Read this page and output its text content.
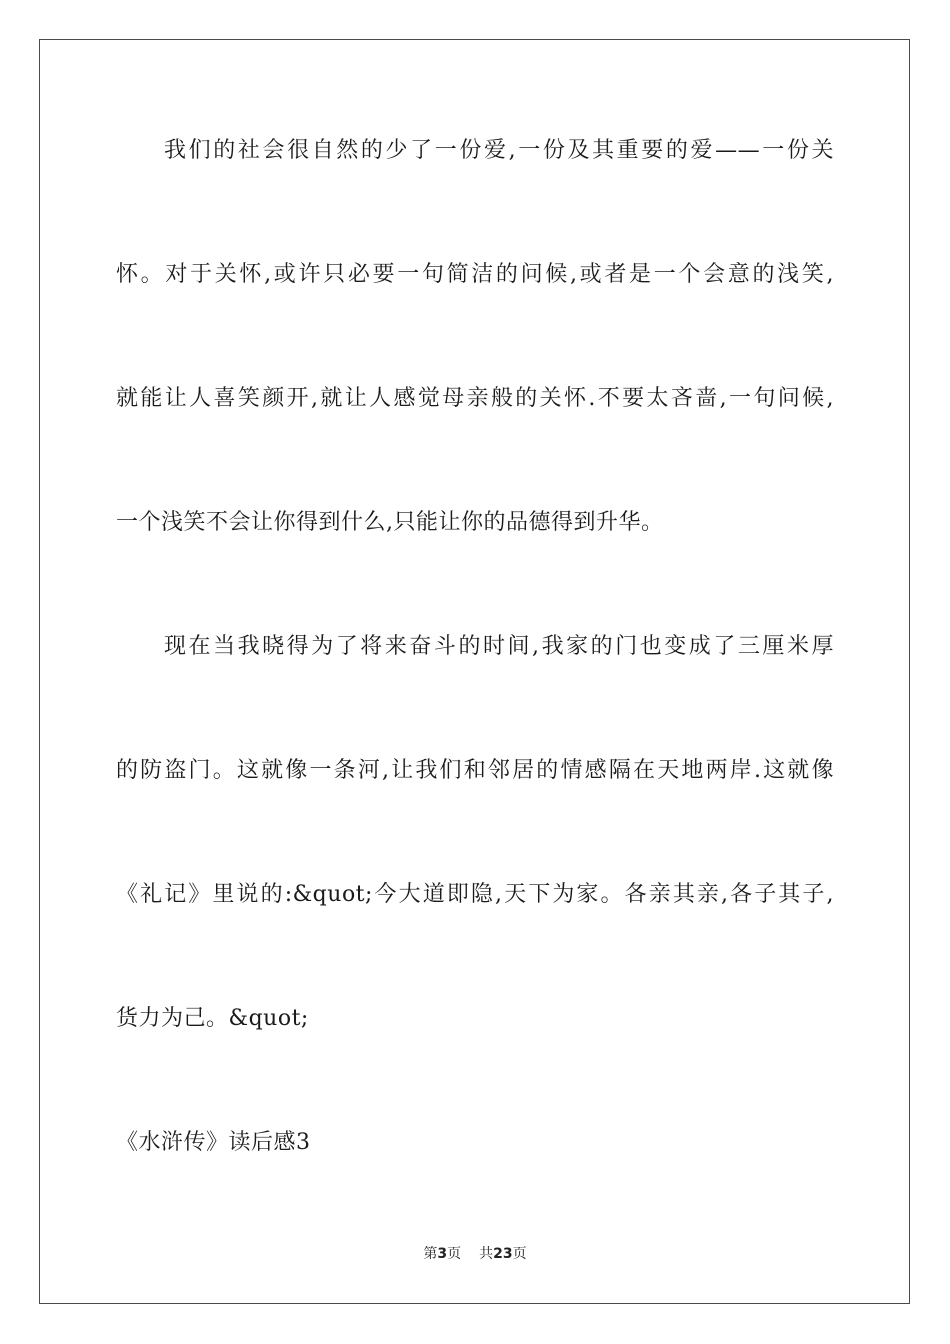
我们的社会很自然的少了一份爱,一份及其重要的爱——一份关
怀。对于关怀,或许只必要一句简洁的问候,或者是一个会意的浅笑,
就能让人喜笑颜开,就让人感觉母亲般的关怀.不要太吝啬,一句问候,
一个浅笑不会让你得到什么,只能让你的品德得到升华。
现在当我晓得为了将来奋斗的时间,我家的门也变成了三厘米厚
的防盗门。这就像一条河,让我们和邻居的情感隔在天地两岸.这就像
《礼记》里说的:&quot;今大道即隐,天下为家。各亲其亲,各子其子,
货力为己。&quot;
《水浒传》读后感3
第3页 共23页
